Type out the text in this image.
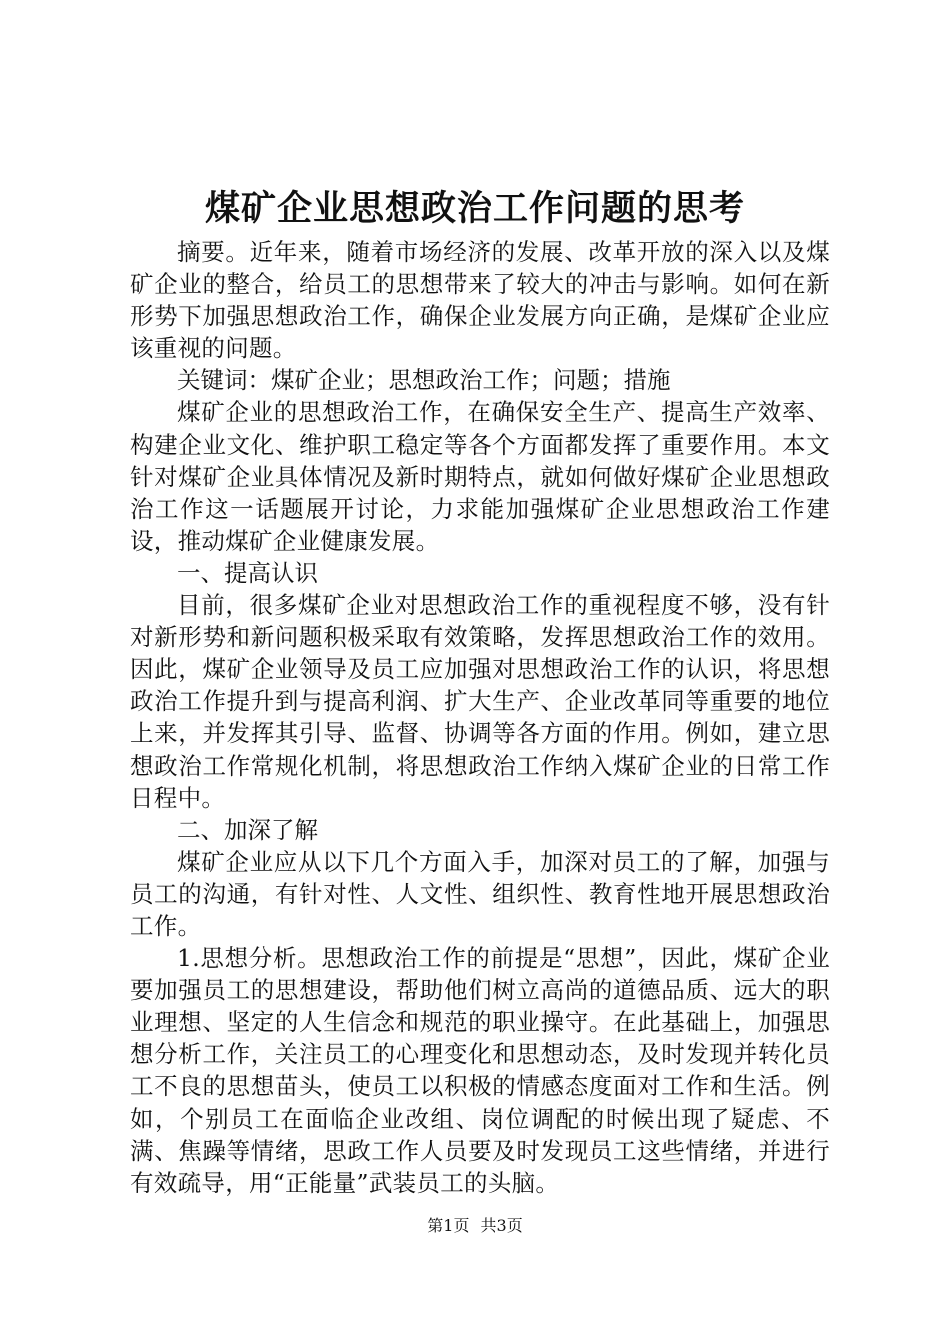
煤矿企业思想政治工作问题的思考

摘要。近年来，随着市场经济的发展、改革开放的深入以及煤矿企业的整合，给员工的思想带来了较大的冲击与影响。如何在新形势下加强思想政治工作，确保企业发展方向正确，是煤矿企业应该重视的问题。

关键词：煤矿企业；思想政治工作；问题；措施

煤矿企业的思想政治工作，在确保安全生产、提高生产效率、构建企业文化、维护职工稳定等各个方面都发挥了重要作用。本文针对煤矿企业具体情况及新时期特点，就如何做好煤矿企业思想政治工作这一话题展开讨论，力求能加强煤矿企业思想政治工作建设，推动煤矿企业健康发展。

一、提高认识

目前，很多煤矿企业对思想政治工作的重视程度不够，没有针对新形势和新问题积极采取有效策略，发挥思想政治工作的效用。因此，煤矿企业领导及员工应加强对思想政治工作的认识，将思想政治工作提升到与提高利润、扩大生产、企业改革同等重要的地位上来，并发挥其引导、监督、协调等各方面的作用。例如，建立思想政治工作常规化机制，将思想政治工作纳入煤矿企业的日常工作日程中。

二、加深了解

煤矿企业应从以下几个方面入手，加深对员工的了解，加强与员工的沟通，有针对性、人文性、组织性、教育性地开展思想政治工作。

1.思想分析。思想政治工作的前提是“思想”，因此，煤矿企业要加强员工的思想建设，帮助他们树立高尚的道德品质、远大的职业理想、坚定的人生信念和规范的职业操守。在此基础上，加强思想分析工作，关注员工的心理变化和思想动态，及时发现并转化员工不良的思想苗头，使员工以积极的情感态度面对工作和生活。例如，个别员工在面临企业改组、岗位调配的时候出现了疑虑、不满、焦躁等情绪，思政工作人员要及时发现员工这些情绪，并进行有效疏导，用“正能量”武装员工的头脑。

第1页 共3页
